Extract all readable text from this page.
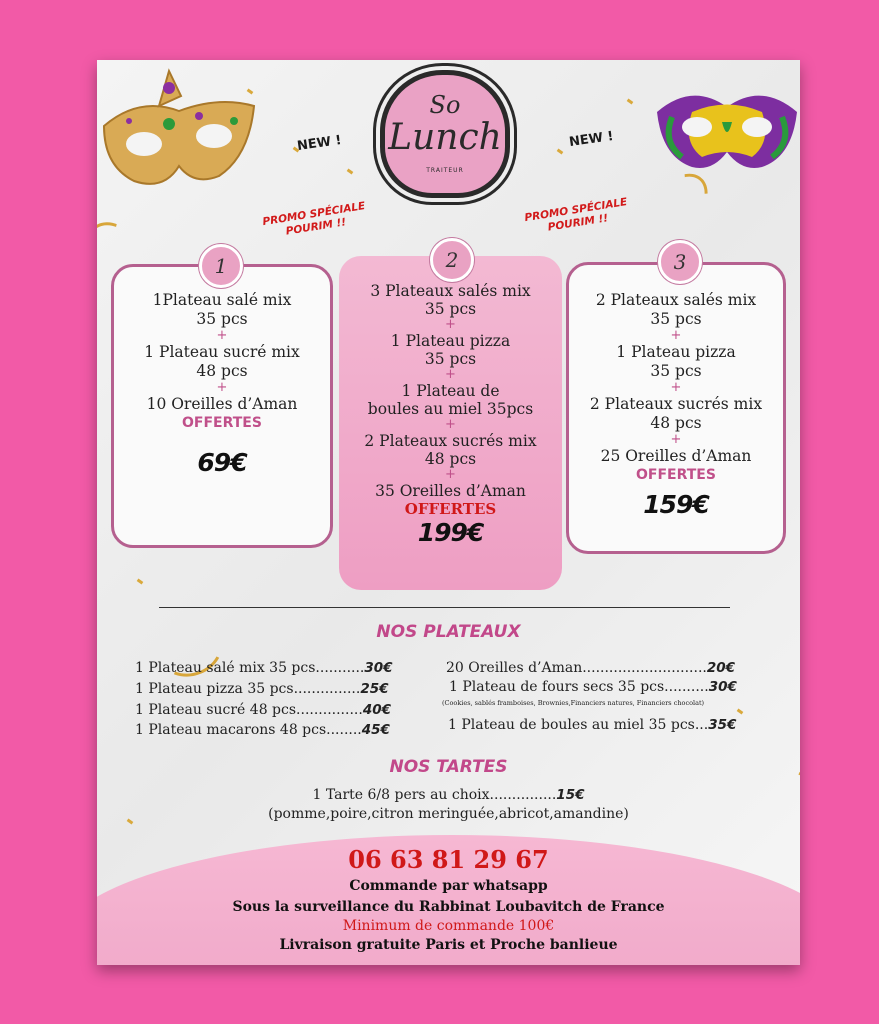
So
Lunch
TRAITEUR
NEW !	NEW !
PROMO SPÉCIALE POURIM !!
PROMO SPÉCIALE POURIM !!
1Plateau salé mix
35 pcs
+
1 Plateau sucré mix
48 pcs
+
10 Oreilles d’Aman
OFFERTES
69€
1
3 Plateaux salés mix
35 pcs
+
1 Plateau pizza
35 pcs
+
1 Plateau de
boules au miel 35pcs
+
2 Plateaux sucrés mix
48 pcs
+
35 Oreilles d’Aman
OFFERTES
199€
2
2 Plateaux salés mix
35 pcs
+
1 Plateau pizza
35 pcs
+
2 Plateaux sucrés mix
48 pcs
+
25 Oreilles d’Aman
OFFERTES
159€
3
NOS PLATEAUX
1 Plateau salé mix 35 pcs...........30€
1 Plateau pizza 35 pcs...............25€
1 Plateau sucré 48 pcs...............40€
1 Plateau macarons 48 pcs........45€
20 Oreilles d’Aman............................20€
1 Plateau de fours secs 35 pcs..........30€
(Cookies, sablés framboises, Brownies,Financiers natures, Financiers chocolat)
1 Plateau de boules au miel 35 pcs...35€
NOS TARTES
1 Tarte 6/8 pers au choix...............15€
(pomme,poire,citron meringuée,abricot,amandine)
06 63 81 29 67
Commande par whatsapp
Sous la surveillance du Rabbinat Loubavitch de France
Minimum de commande 100€
Livraison gratuite Paris et Proche banlieue
